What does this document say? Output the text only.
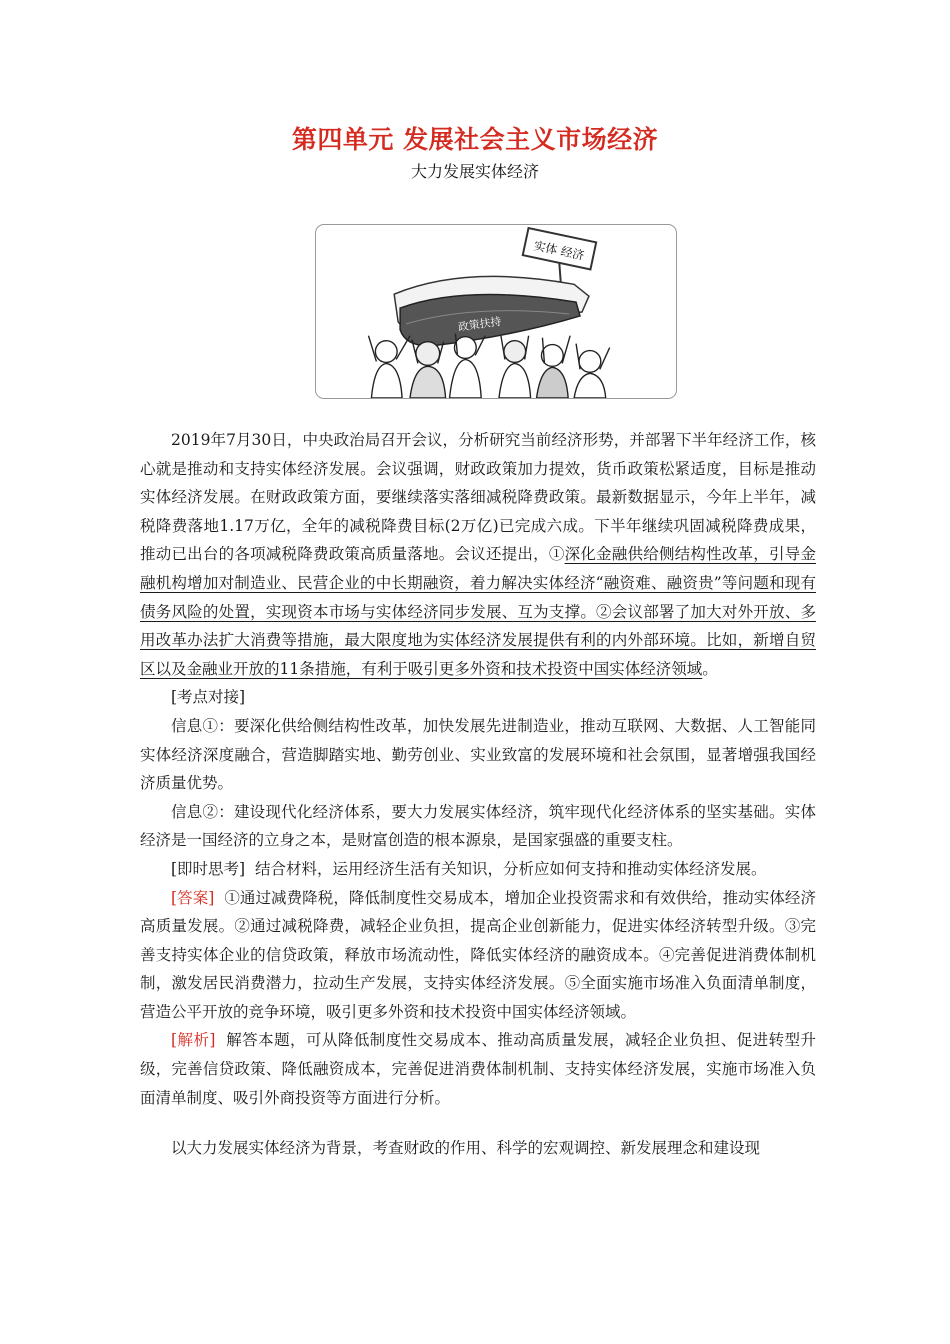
第四单元 发展社会主义市场经济
大力发展实体经济
实体 经济
政策扶持

2019年7月30日，中央政治局召开会议，分析研究当前经济形势，并部署下半年经济工作，核心就是推动和支持实体经济发展。会议强调，财政政策加力提效，货币政策松紧适度，目标是推动实体经济发展。在财政政策方面，要继续落实落细减税降费政策。最新数据显示，今年上半年，减税降费落地1.17万亿，全年的减税降费目标(2万亿)已完成六成。下半年继续巩固减税降费成果，推动已出台的各项减税降费政策高质量落地。会议还提出，①深化金融供给侧结构性改革，引导金融机构增加对制造业、民营企业的中长期融资，着力解决实体经济“融资难、融资贵”等问题和现有债务风险的处置，实现资本市场与实体经济同步发展、互为支撑。②会议部署了加大对外开放、多用改革办法扩大消费等措施，最大限度地为实体经济发展提供有利的内外部环境。比如，新增自贸区以及金融业开放的11条措施，有利于吸引更多外资和技术投资中国实体经济领域。

[考点对接]

信息①：要深化供给侧结构性改革，加快发展先进制造业，推动互联网、大数据、人工智能同实体经济深度融合，营造脚踏实地、勤劳创业、实业致富的发展环境和社会氛围，显著增强我国经济质量优势。

信息②：建设现代化经济体系，要大力发展实体经济，筑牢现代化经济体系的坚实基础。实体经济是一国经济的立身之本，是财富创造的根本源泉，是国家强盛的重要支柱。

[即时思考] 结合材料，运用经济生活有关知识，分析应如何支持和推动实体经济发展。

[答案] ①通过减费降税，降低制度性交易成本，增加企业投资需求和有效供给，推动实体经济高质量发展。②通过减税降费，减轻企业负担，提高企业创新能力，促进实体经济转型升级。③完善支持实体企业的信贷政策，释放市场流动性，降低实体经济的融资成本。④完善促进消费体制机制，激发居民消费潜力，拉动生产发展，支持实体经济发展。⑤全面实施市场准入负面清单制度，营造公平开放的竞争环境，吸引更多外资和技术投资中国实体经济领域。

[解析] 解答本题，可从降低制度性交易成本、推动高质量发展，减轻企业负担、促进转型升级，完善信贷政策、降低融资成本，完善促进消费体制机制、支持实体经济发展，实施市场准入负面清单制度、吸引外商投资等方面进行分析。

以大力发展实体经济为背景，考查财政的作用、科学的宏观调控、新发展理念和建设现
